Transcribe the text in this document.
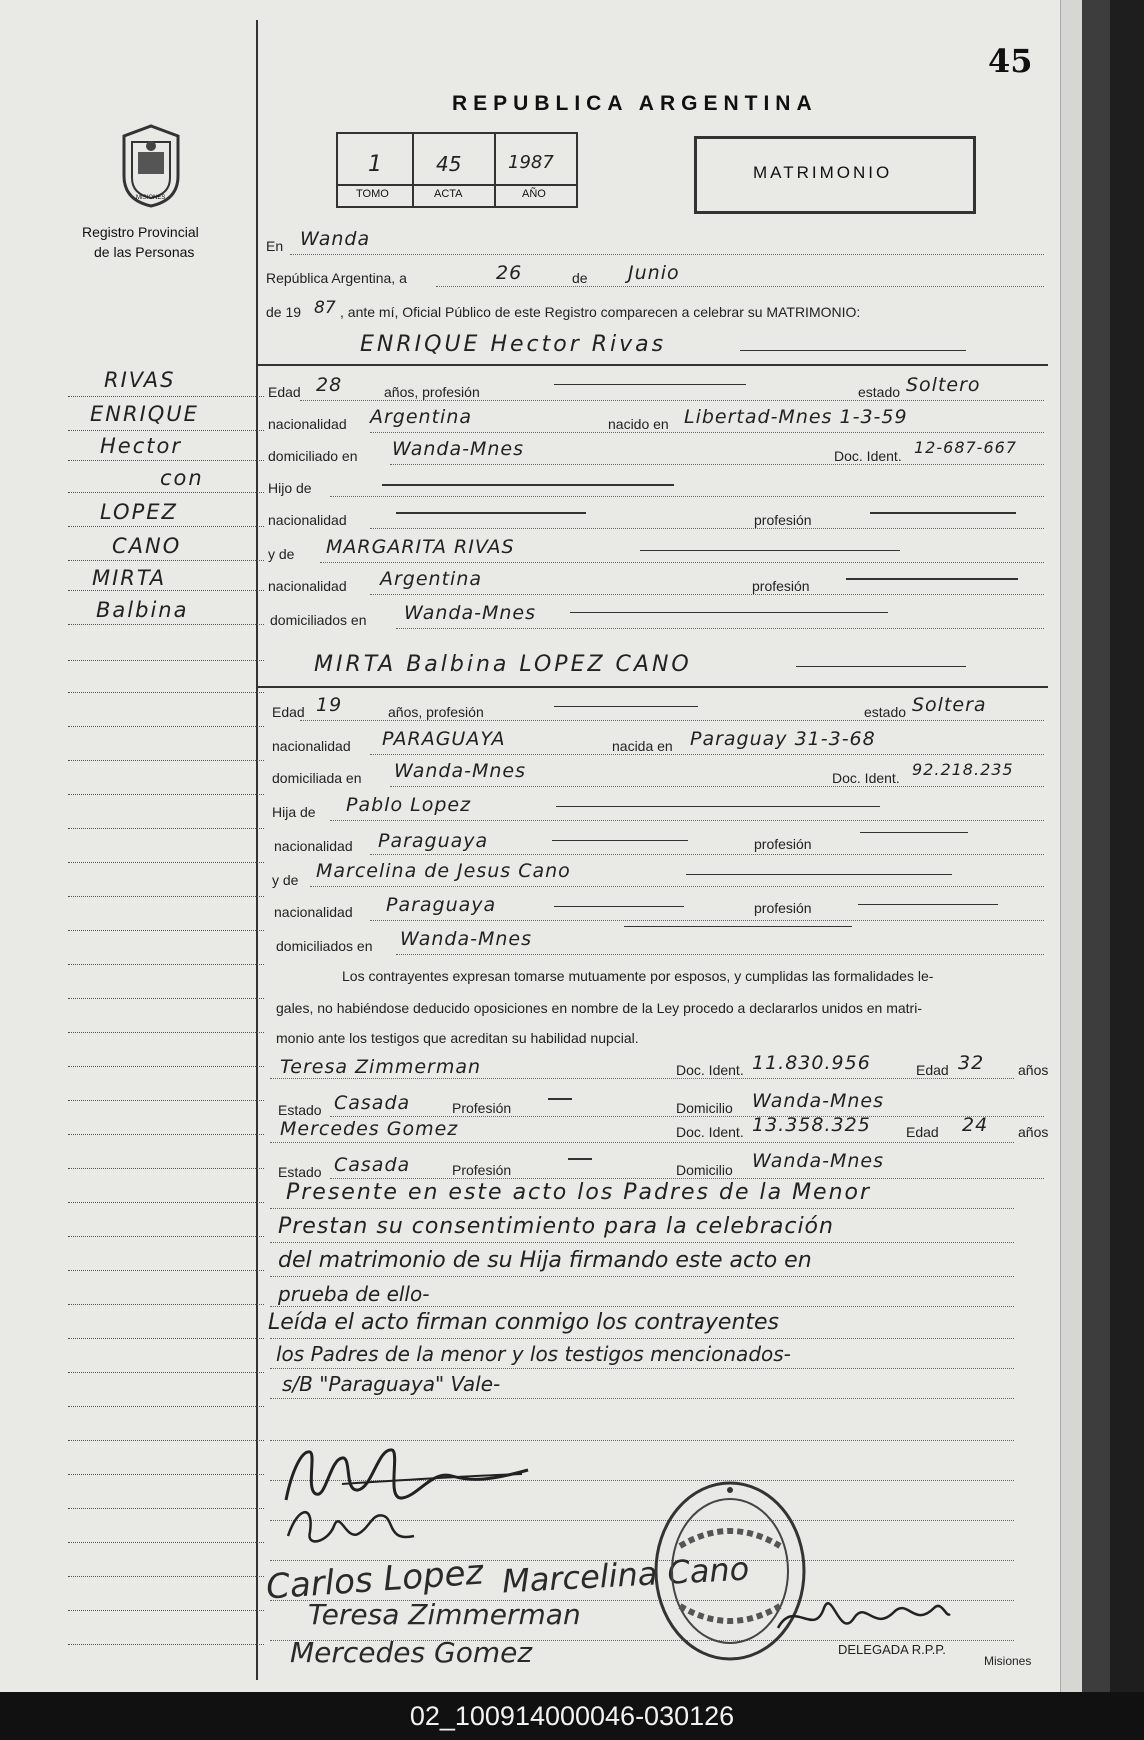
45
REPUBLICA ARGENTINA
MISIONES
Registro Provincial
de las Personas
1	45	1987
TOMO	ACTA	AÑO
MATRIMONIO
RIVAS
ENRIQUE
Hector
con
LOPEZ
CANO
MIRTA
Balbina
En Wanda
República Argentina, a	26	de Junio
de 19 87 , ante mí, Oficial Público de este Registro comparecen a celebrar su MATRIMONIO:
ENRIQUE Hector Rivas
Edad 28	años, profesión	estado Soltero
nacionalidad Argentina	nacido en Libertad-Mnes 1-3-59
domiciliado en Wanda-Mnes	Doc. Ident. 12-687-667
Hijo de
nacionalidad	profesión
y de MARGARITA RIVAS
nacionalidad Argentina	profesión
domiciliados en Wanda-Mnes
MIRTA Balbina LOPEZ CANO
Edad 19	años, profesión	estado Soltera
nacionalidad PARAGUAYA	nacida en Paraguay 31-3-68
domiciliada en Wanda-Mnes	Doc. Ident. 92.218.235
Hija de Pablo Lopez
nacionalidad Paraguaya	profesión
y de Marcelina de Jesus Cano
nacionalidad Paraguaya	profesión
domiciliados en Wanda-Mnes
Los contrayentes expresan tomarse mutuamente por esposos, y cumplidas las formalidades le-
gales, no habiéndose deducido oposiciones en nombre de la Ley procedo a declararlos unidos en matri-
monio ante los testigos que acreditan su habilidad nupcial.
Teresa Zimmerman	Doc. Ident. 11.830.956	Edad 32 años
Estado Casada	Profesión	Domicilio Wanda-Mnes
Mercedes Gomez	Doc. Ident. 13.358.325	Edad 24 años
Estado Casada	Profesión	Domicilio Wanda-Mnes
Presente en este acto los Padres de la Menor
Prestan su consentimiento para la celebración
del matrimonio de su Hija firmando este acto en
prueba de ello-
Leída el acto firman conmigo los contrayentes
los Padres de la menor y los testigos mencionados-
s/B "Paraguaya" Vale-
Carlos Lopez Marcelina Cano
Teresa Zimmerman
Mercedes Gomez	DELEGADA R.P.P.
Misiones
02_100914000046-030126
